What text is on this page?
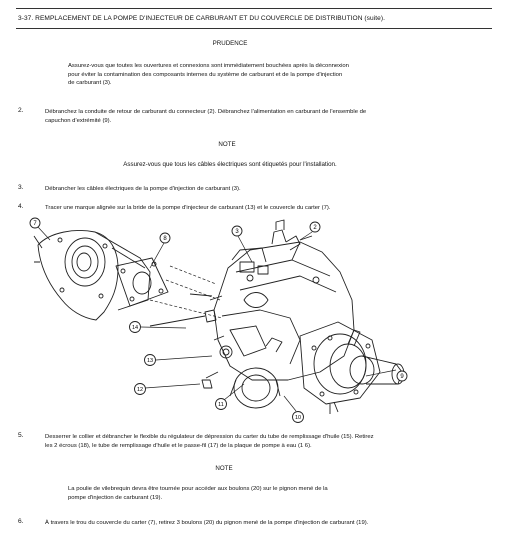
3-37. REMPLACEMENT DE LA POMPE D'INJECTEUR DE CARBURANT ET DU COUVERCLE DE DISTRIBUTION (suite).
PRUDENCE
Assurez-vous que toutes les ouvertures et connexions sont immédiatement bouchées après la déconnexion
pour éviter la contamination des composants internes du système de carburant et de la pompe d'injection
de carburant (3).
2.	Débranchez la conduite de retour de carburant du connecteur (2). Débranchez l'alimentation en carburant de l'ensemble de
capuchon d'extrémité (9).
NOTE
Assurez-vous que tous les câbles électriques sont étiquetés pour l'installation.
3.	Débrancher les câbles électriques de la pompe d'injection de carburant (3).
4.	Tracer une marque alignée sur la bride de la pompe d'injecteur de carburant (13) et le couvercle du carter (7).
7
8
3
2
14
13
12
11
10
9
5.	Desserrer le collier et débrancher le flexible du régulateur de dépression du carter du tube de remplissage d'huile (15). Retirez
les 2 écrous (18), le tube de remplissage d'huile et le passe-fil (17) de la plaque de pompe à eau (1 6).
NOTE
La poulie de vilebrequin devra être tournée pour accéder aux boulons (20) sur le pignon mené de la
pompe d'injection de carburant (19).
6.	À travers le trou du couvercle du carter (7), retirez 3 boulons (20) du pignon mené de la pompe d'injection de carburant (19).
